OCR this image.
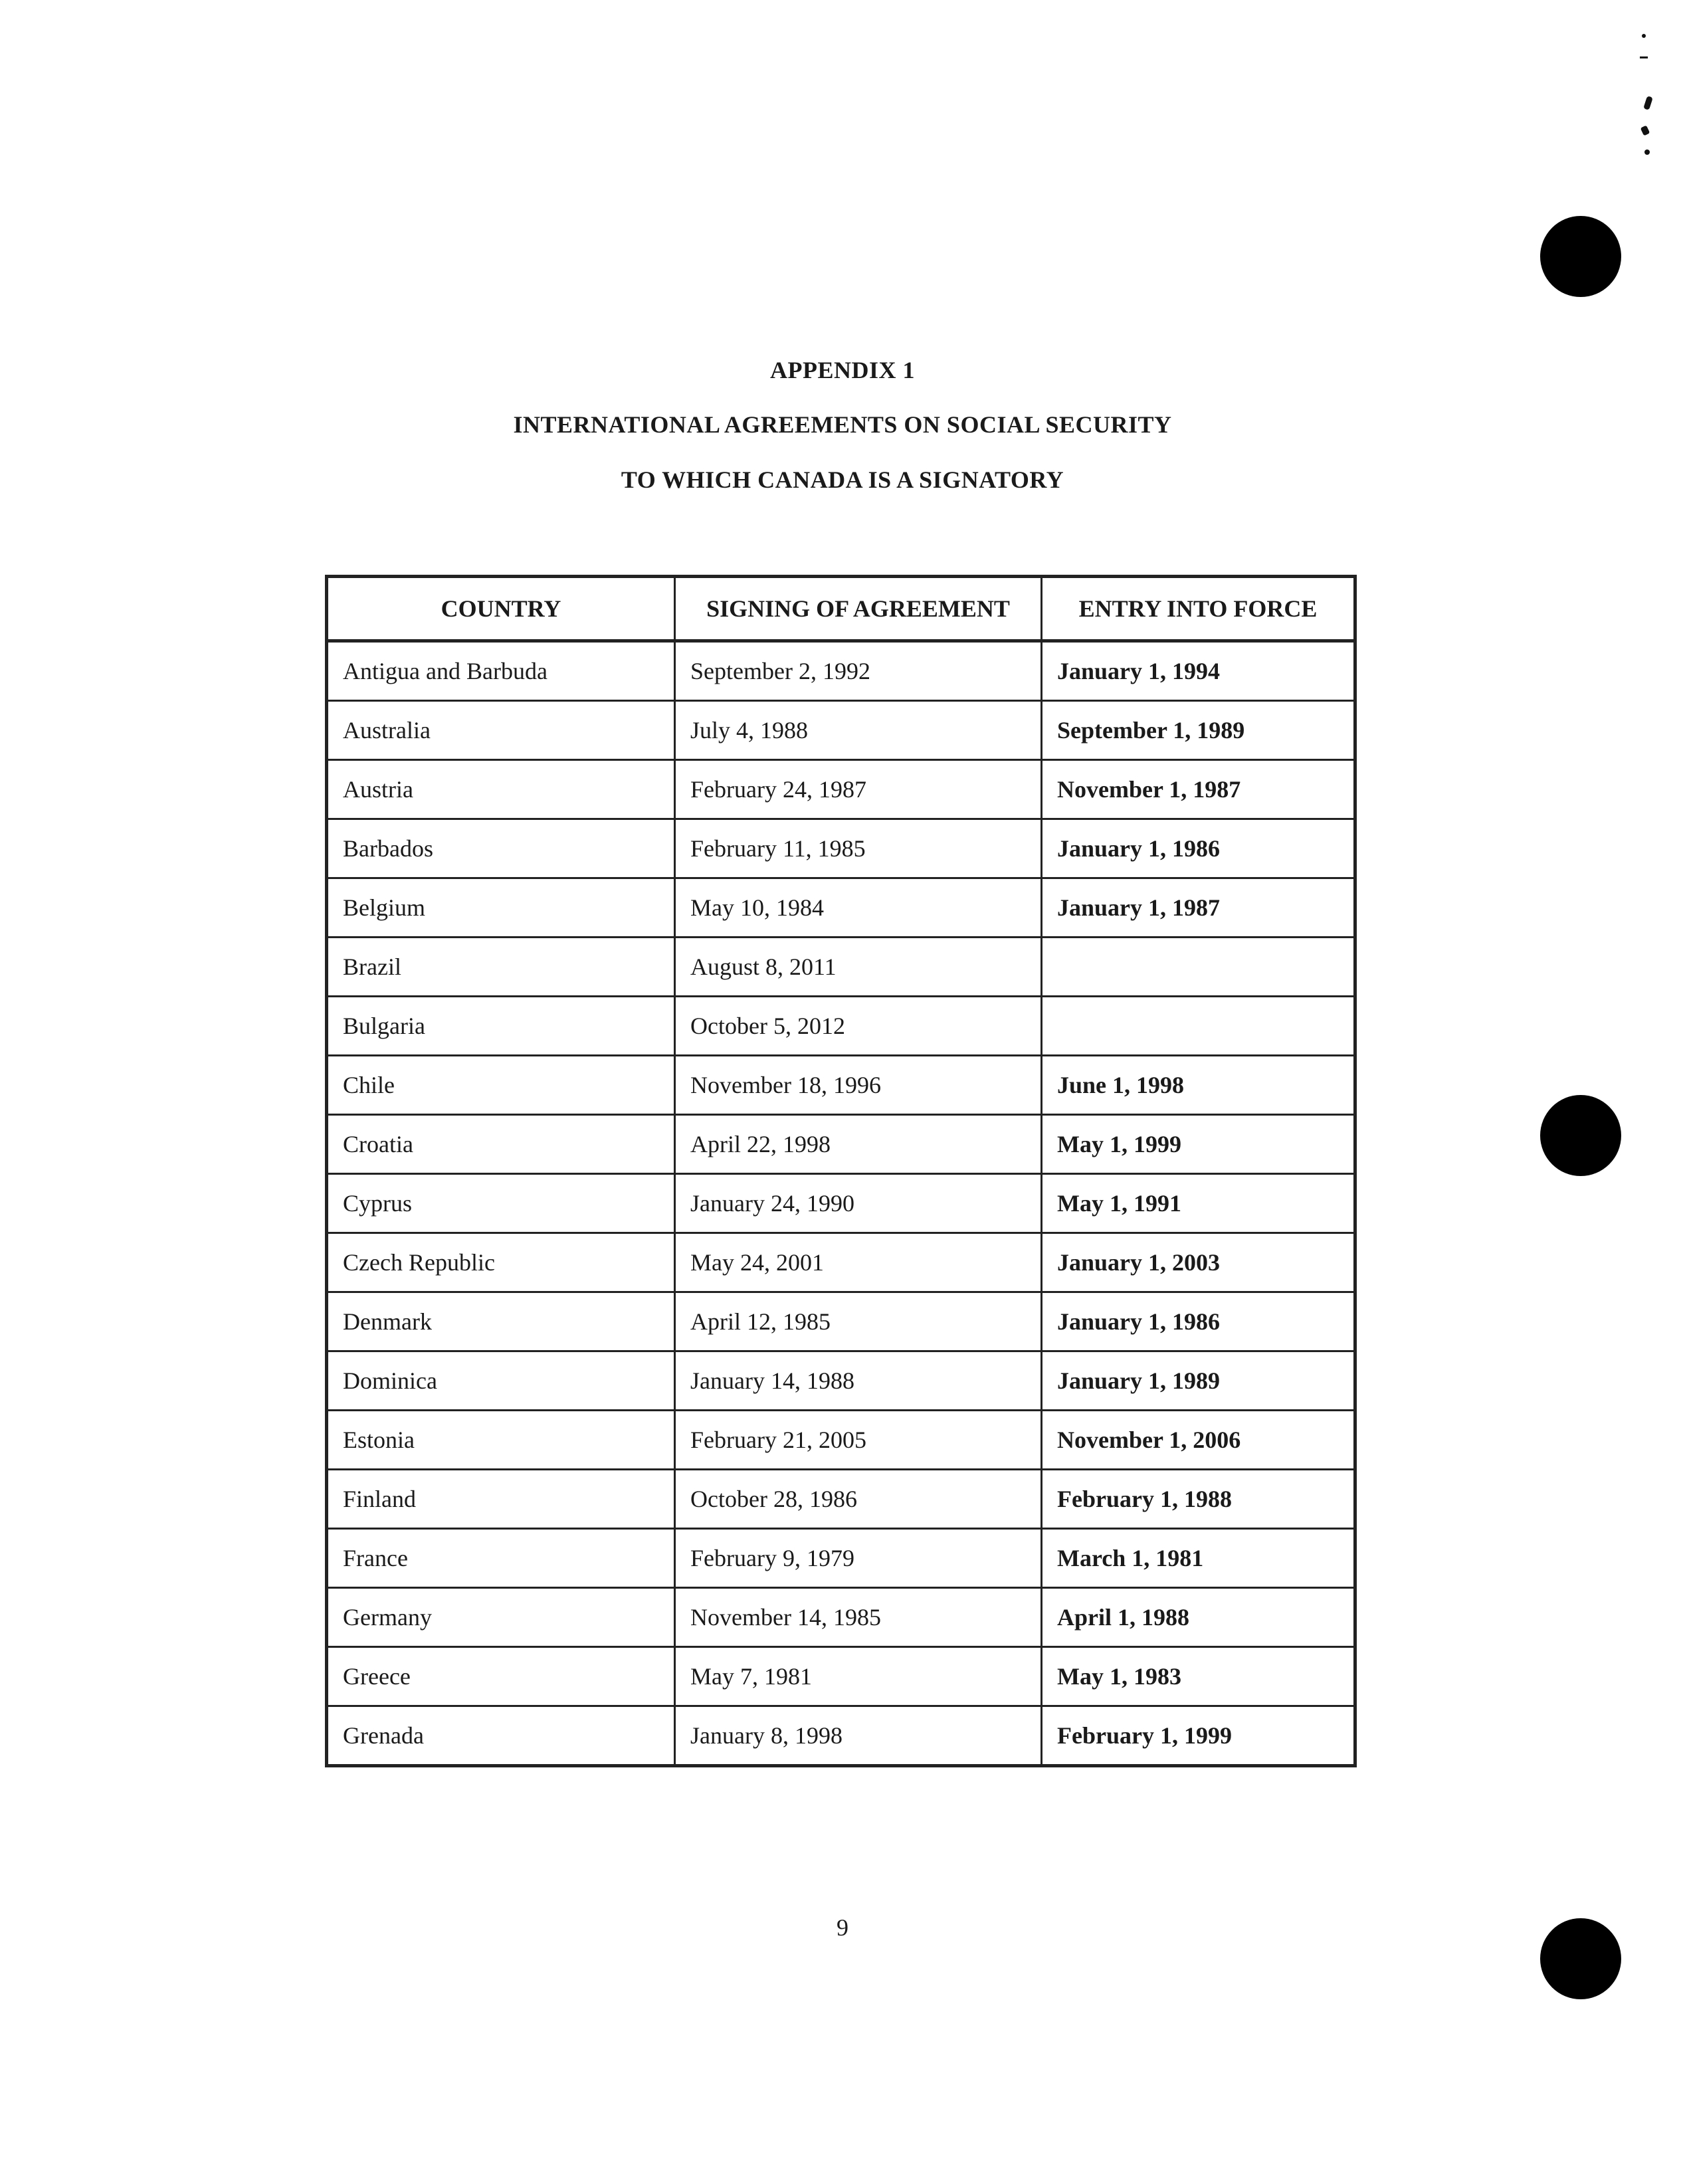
APPENDIX 1
INTERNATIONAL AGREEMENTS ON SOCIAL SECURITY
TO WHICH CANADA IS A SIGNATORY
COUNTRY	SIGNING OF AGREEMENT	ENTRY INTO FORCE
Antigua and Barbuda	September 2, 1992	January 1, 1994
Australia	July 4, 1988	September 1, 1989
Austria	February 24, 1987	November 1, 1987
Barbados	February 11, 1985	January 1, 1986
Belgium	May 10, 1984	January 1, 1987
Brazil	August 8, 2011	
Bulgaria	October 5, 2012	
Chile	November 18, 1996	June 1, 1998
Croatia	April 22, 1998	May 1, 1999
Cyprus	January 24, 1990	May 1, 1991
Czech Republic	May 24, 2001	January 1, 2003
Denmark	April 12, 1985	January 1, 1986
Dominica	January 14, 1988	January 1, 1989
Estonia	February 21, 2005	November 1, 2006
Finland	October 28, 1986	February 1, 1988
France	February 9, 1979	March 1, 1981
Germany	November 14, 1985	April 1, 1988
Greece	May 7, 1981	May 1, 1983
Grenada	January 8, 1998	February 1, 1999
9
